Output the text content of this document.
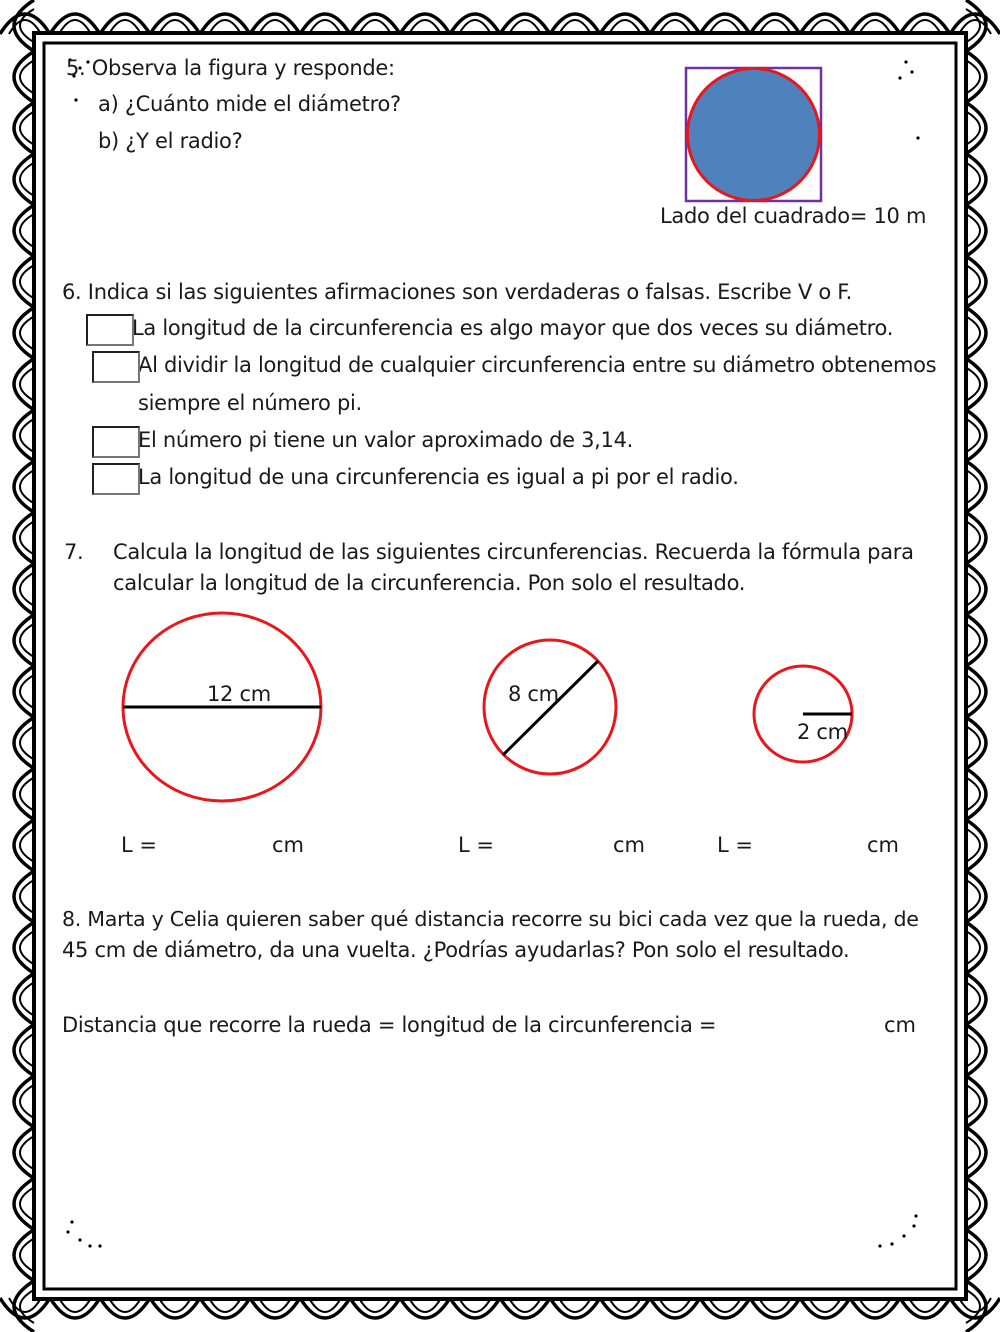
5. Observa la figura y responde:
a) ¿Cuánto mide el diámetro?
b) ¿Y el radio?
Lado del cuadrado= 10 m
6. Indica si las siguientes afirmaciones son verdaderas o falsas. Escribe V o F.
La longitud de la circunferencia es algo mayor que dos veces su diámetro.
Al dividir la longitud de cualquier circunferencia entre su diámetro obtenemos
siempre el número pi.
El número pi tiene un valor aproximado de 3,14.
La longitud de una circunferencia es igual a pi por el radio.
7. Calcula la longitud de las siguientes circunferencias. Recuerda la fórmula para
calcular la longitud de la circunferencia. Pon solo el resultado.
12 cm	8 cm
2 cm
L =	cm	L =	cm	L =	cm
8. Marta y Celia quieren saber qué distancia recorre su bici cada vez que la rueda, de
45 cm de diámetro, da una vuelta. ¿Podrías ayudarlas? Pon solo el resultado.
Distancia que recorre la rueda = longitud de la circunferencia =	cm
